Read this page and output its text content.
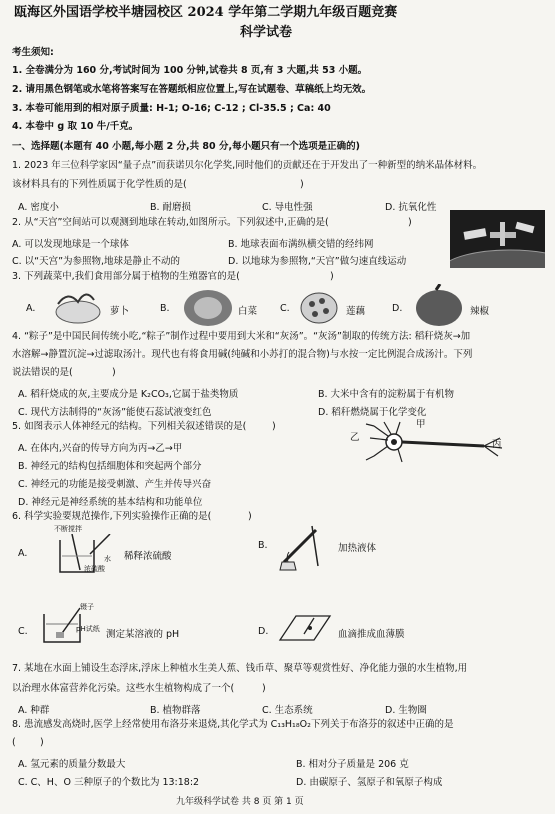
瓯海区外国语学校半塘园校区 2024 学年第二学期九年级百题竞赛
科学试卷
考生须知:
1. 全卷满分为 160 分,考试时间为 100 分钟,试卷共 8 页,有 3 大题,共 53 小题。
2. 请用黑色钢笔或水笔将答案写在答题纸相应位置上,写在试题卷、草稿纸上均无效。
3. 本卷可能用到的相对原子质量: H-1; O-16; C-12 ; Cl-35.5 ; Ca: 40
4. 本卷中 g 取 10 牛/千克。
一、选择题(本题有 40 小题,每小题 2 分,共 80 分,每小题只有一个选项是正确的)
1. 2023 年三位科学家因“量子点”而获诺贝尔化学奖,同时他们的贡献还在于开发出了一种新型的纳米晶体材料。
该材料具有的下列性质属于化学性质的是(	)
A. 密度小	B. 耐磨损	C. 导电性强	D. 抗氧化性
2. 从“天宫”空间站可以观测到地球在转动,如图所示。下列叙述中,正确的是(	)
A. 可以发现地球是一个球体	B. 地球表面布满纵横交错的经纬网
C. 以“天宫”为参照物,地球是静止不动的	D. 以地球为参照物,“天宫”做匀速直线运动
3. 下列蔬菜中,我们食用部分属于植物的生殖器官的是(	)
A.	萝卜	B.	白菜 C.	莲藕	D.	辣椒
4. “粽子”是中国民间传统小吃,“粽子”制作过程中要用到大米和“灰汤”。“灰汤”制取的传统方法: 稻秆烧灰→加
水溶解→静置沉淀→过滤取汤汁。现代也有将食用碱(纯碱和小苏打的混合物)与水按一定比例混合成汤汁。下列
说法错误的是(	)
A. 稻秆烧成的灰,主要成分是 K₂CO₃,它属于盐类物质	B. 大米中含有的淀粉属于有机物
C. 现代方法制得的“灰汤”能使石蕊试液变红色	D. 稻秆燃烧属于化学变化
5. 如图表示人体神经元的结构。下列相关叙述错误的是(	)
A. 在体内,兴奋的传导方向为丙→乙→甲
B. 神经元的结构包括细胞体和突起两个部分
C. 神经元的功能是接受刺激、产生并传导兴奋
D. 神经元是神经系统的基本结构和功能单位
甲
乙
丙
6. 科学实验要规范操作,下列实验操作正确的是(	)
A.
不断搅拌
水
浓硫酸
稀释浓硫酸
B.	加热液体
镊子
C.	pH试纸 测定某溶液的 pH	D.	血滴推成血薄膜
7. 某地在水面上铺设生态浮床,浮床上种植水生美人蕉、钱币草、聚草等观赏性好、净化能力强的水生植物,用
以治理水体富营养化污染。这些水生植物构成了一个(	)
A. 种群	B. 植物群落	C. 生态系统	D. 生物圈
8. 患流感发高烧时,医学上经常使用布洛芬来退烧,其化学式为 C₁₃H₁₈O₂下列关于布洛芬的叙述中正确的是
(	)
A. 氢元素的质量分数最大	B. 相对分子质量是 206 克
C. C、H、O 三种原子的个数比为 13:18:2	D. 由碳原子、氢原子和氧原子构成
九年级科学试卷 共 8 页 第 1 页
